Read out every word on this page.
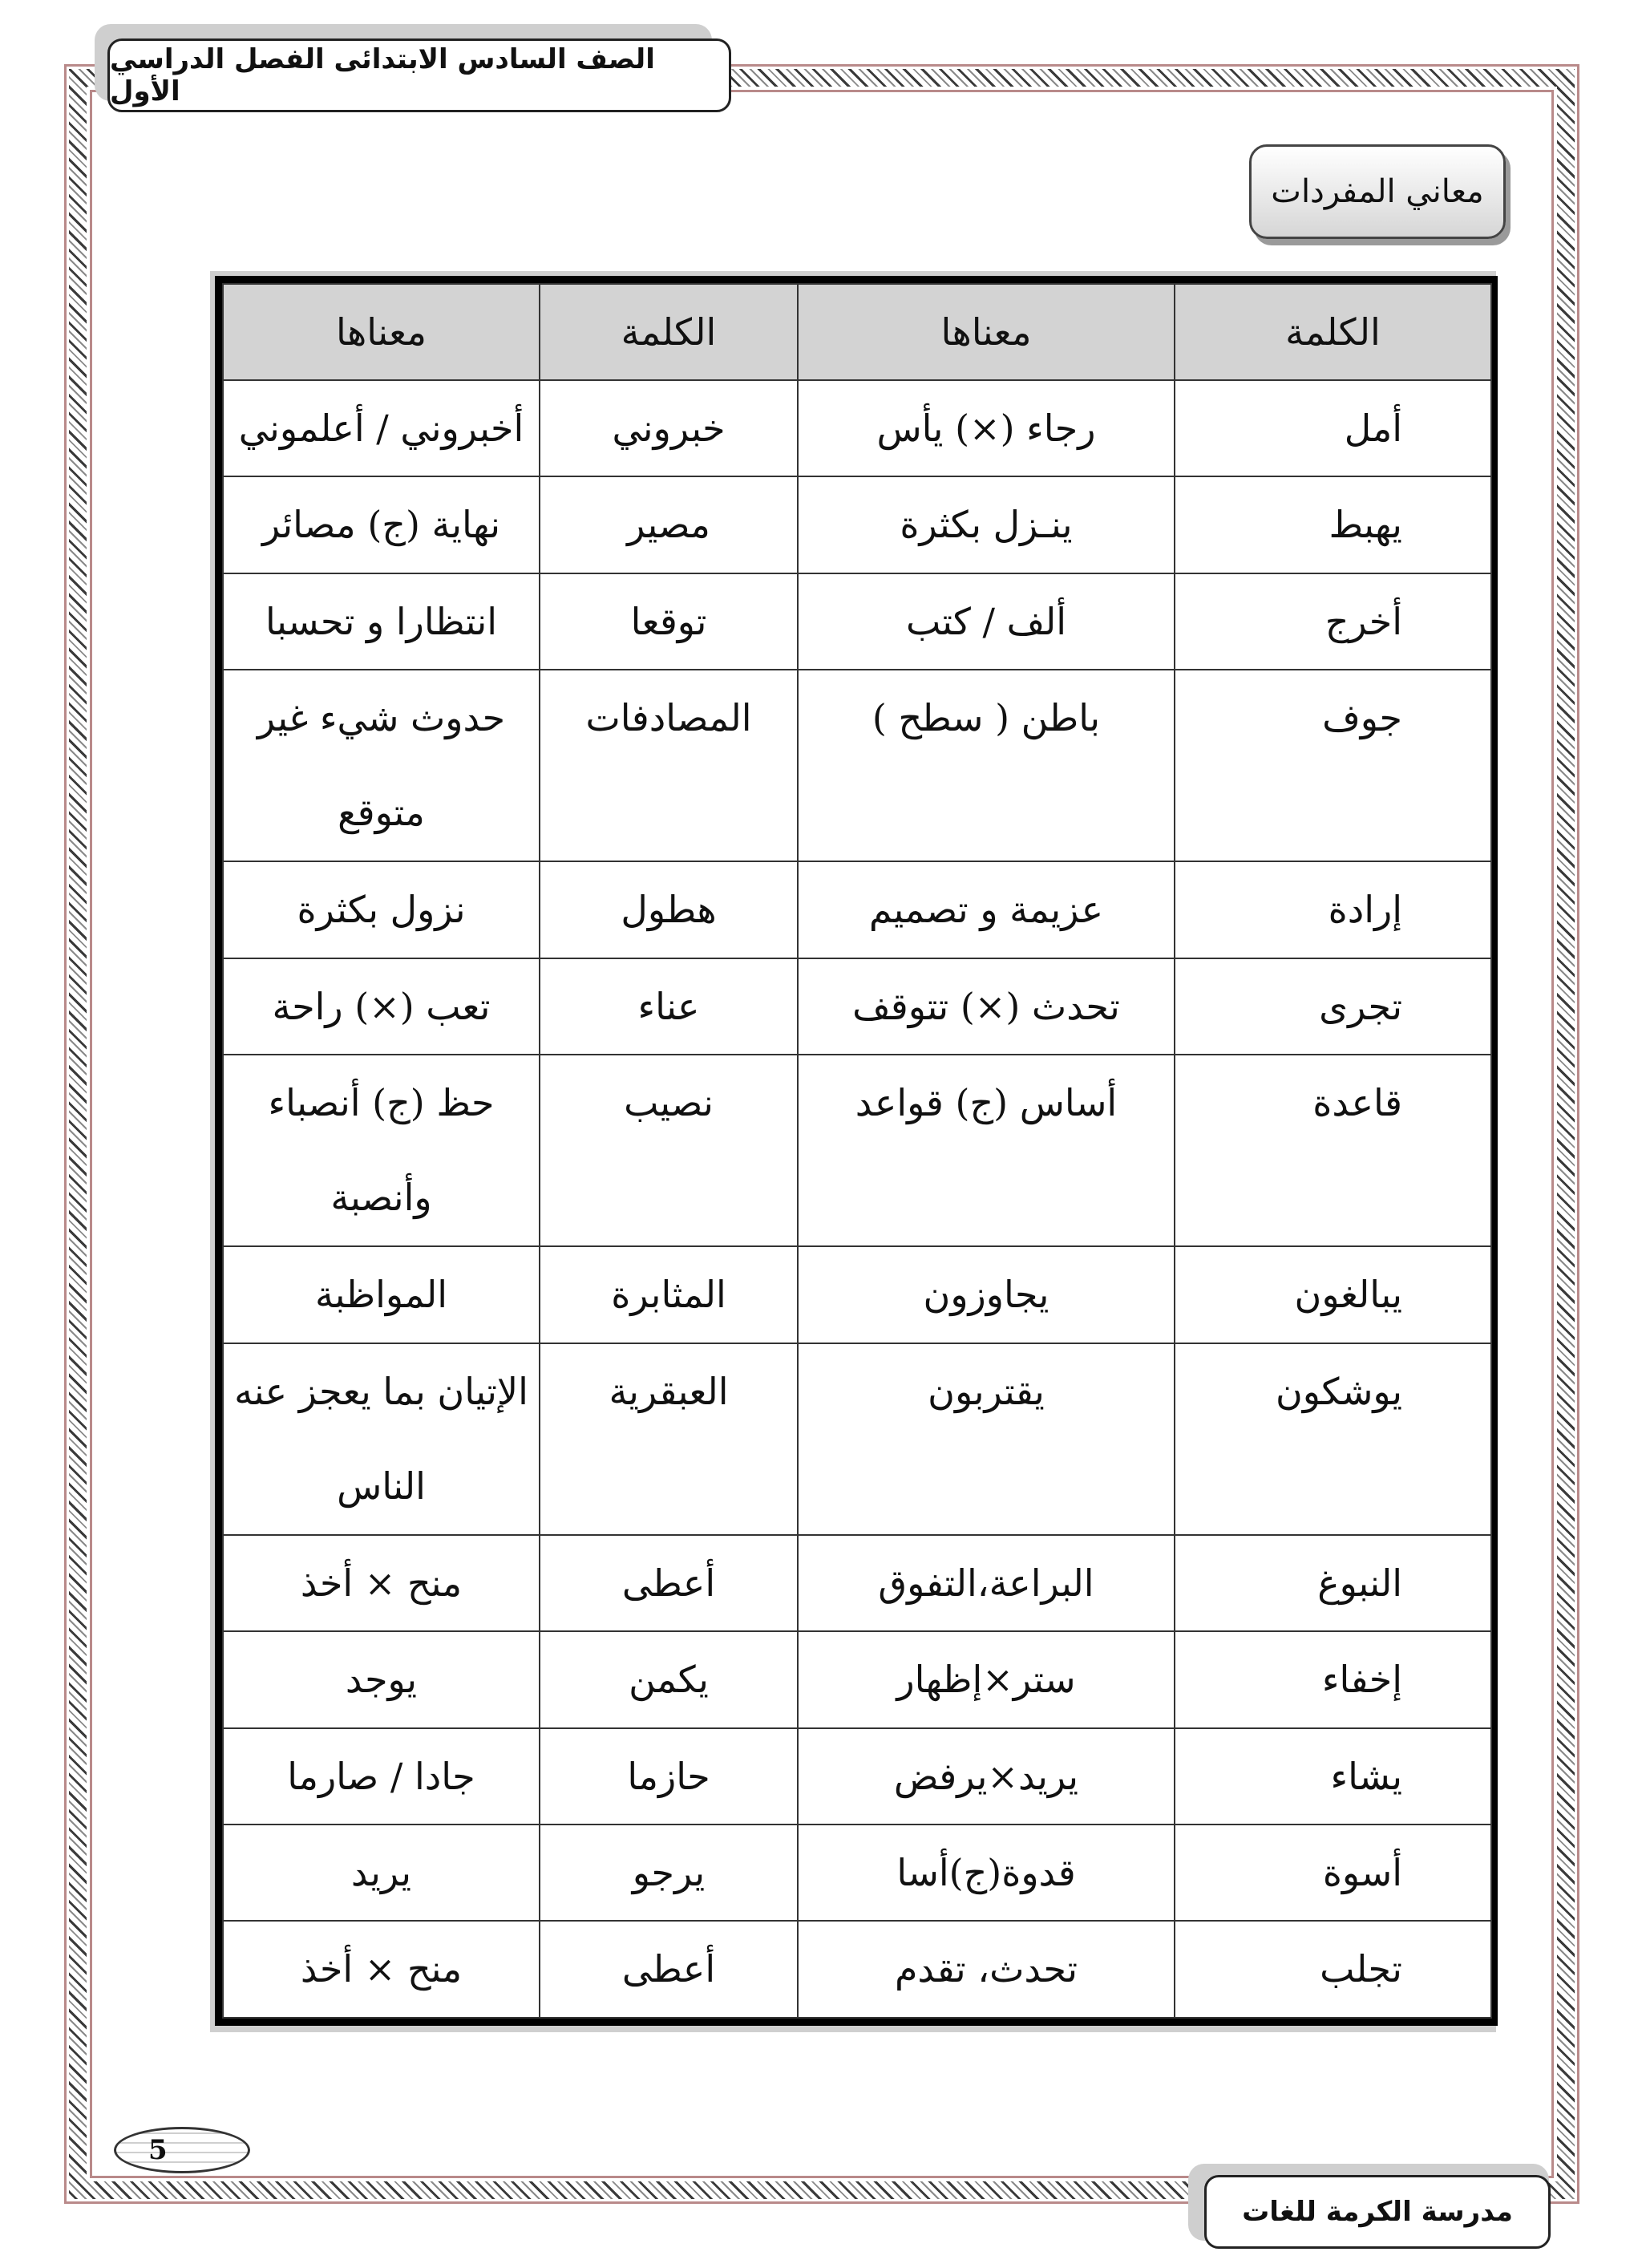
الصف السادس الابتدائى الفصل الدراسي الأول
معاني المفردات
الكلمة	معناها	الكلمة	معناها
أمل	رجاء (×) يأس	خبروني	أخبروني / أعلموني
يهبط	ينـزل بكثرة	مصير	نهاية (ج) مصائر
أخرج	ألف / كتب	توقعا	انتظارا و تحسبا
جوف	باطن ( سطح )	المصادفات	حدوث شيء غير متوقع
إرادة	عزيمة و تصميم	هطول	نزول بكثرة
تجرى	تحدث (×) تتوقف	عناء	تعب (×) راحة
قاعدة	أساس (ج) قواعد	نصيب	حظ (ج) أنصباء وأنصبة
يبالغون	يجاوزون	المثابرة	المواظبة
يوشكون	يقتربون	العبقرية	الإتيان بما يعجز عنه الناس
النبوغ	البراعة،التفوق	أعطى	منح × أخذ
إخفاء	ستر×إظهار	يكمن	يوجد
يشاء	يريد×يرفض	حازما	جادا / صارما
أسوة	قدوة(ج)أسا	يرجو	يريد
تجلب	تحدث، تقدم	أعطى	منح × أخذ
5
مدرسة الكرمة للغات
